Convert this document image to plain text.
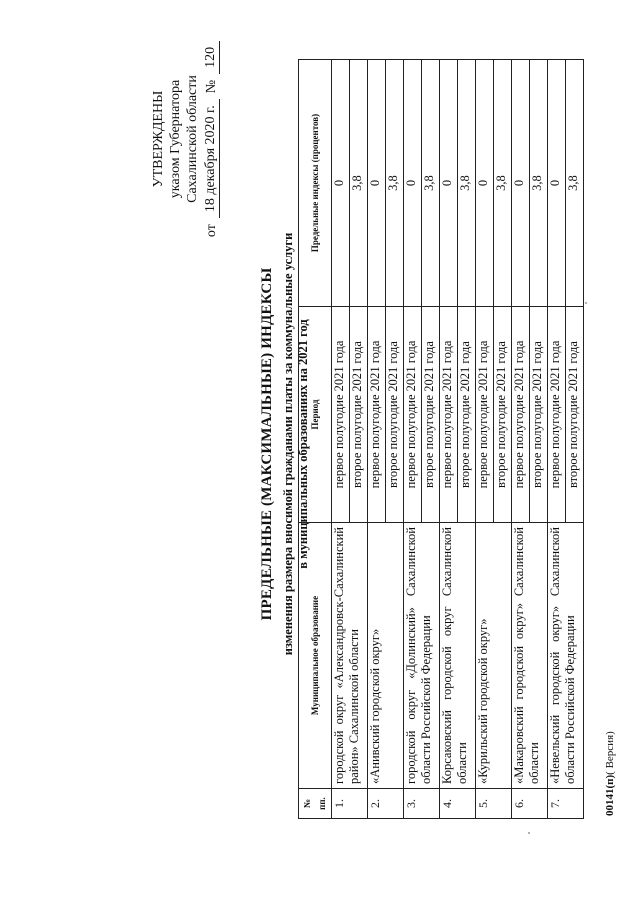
УТВЕРЖДЕНЫ указом Губернатора Сахалинской области
от
18 декабря 2020 г.
№
120
ПРЕДЕЛЬНЫЕ (МАКСИМАЛЬНЫЕ) ИНДЕКСЫ изменения размера вносимой гражданами платы за коммунальные услуги в муниципальных образованиях на 2021 год
№ пп.	Муниципальное образование	Период	Предельные индексы (процентов)
1.	городской округ «Александровск-Сахалинский район» Сахалинской области	первое полугодие 2021 года	0
		второе полугодие 2021 года	3,8
2.	«Анивский городской округ»	первое полугодие 2021 года	0
		второе полугодие 2021 года	3,8
3.	городской округ «Долинский» Сахалинской области Российской Федерации	первое полугодие 2021 года	0
		второе полугодие 2021 года	3,8
4.	Корсаковский городской округ Сахалинской области	первое полугодие 2021 года	0
		второе полугодие 2021 года	3,8
5.	«Курильский городской округ»	первое полугодие 2021 года	0
		второе полугодие 2021 года	3,8
6.	«Макаровский городской округ» Сахалинской области	первое полугодие 2021 года	0
		второе полугодие 2021 года	3,8
7.	«Невельский городской округ» Сахалинской области Российской Федерации	первое полугодие 2021 года	0
		второе полугодие 2021 года	3,8
00141(п)( Версия)
